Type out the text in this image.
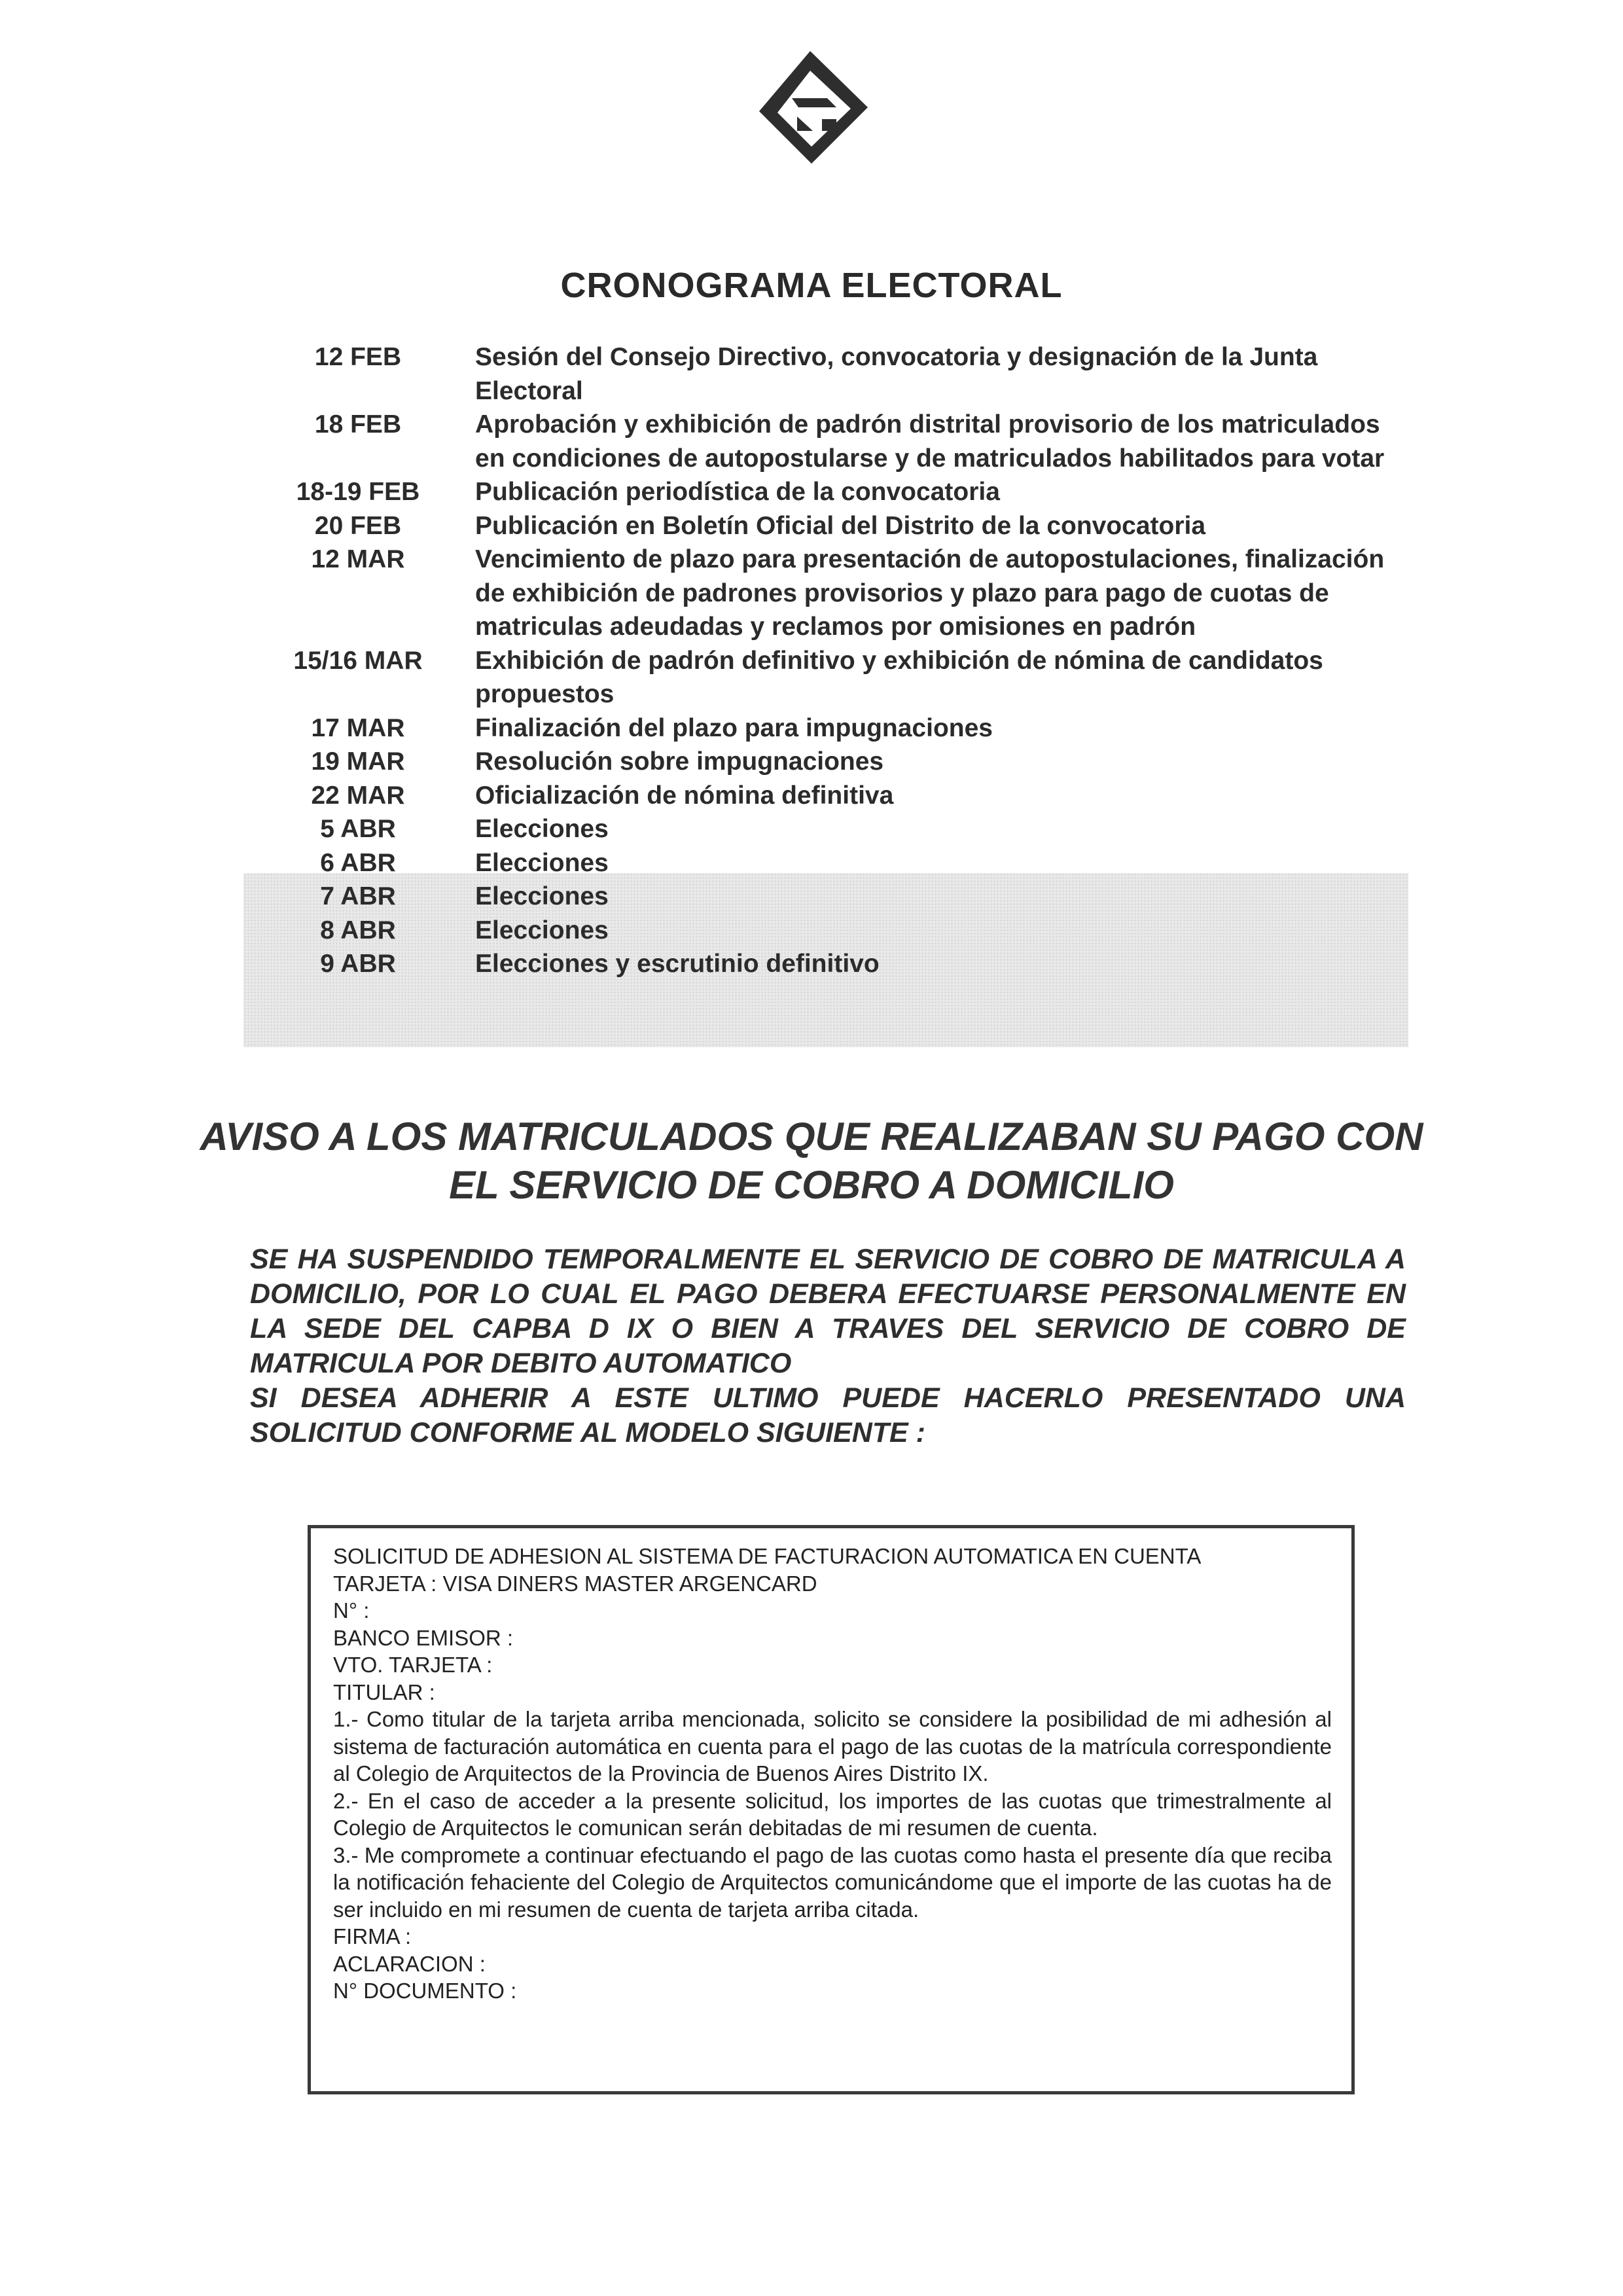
CRONOGRAMA ELECTORAL
12 FEB	Sesión del Consejo Directivo, convocatoria y designación de la Junta Electoral
18 FEB	Aprobación y exhibición de padrón distrital provisorio de los matriculados en condiciones de autopostularse y de matriculados habilitados para votar
18-19 FEB	Publicación periodística de la convocatoria
20 FEB	Publicación en Boletín Oficial del Distrito de la convocatoria
12 MAR	Vencimiento de plazo para presentación de autopostulaciones, finalización de exhibición de padrones provisorios y plazo para pago de cuotas de matriculas adeudadas y reclamos por omisiones en padrón
15/16 MAR	Exhibición de padrón definitivo y exhibición de nómina de candidatos propuestos
17 MAR	Finalización del plazo para impugnaciones
19 MAR	Resolución sobre impugnaciones
22 MAR	Oficialización de nómina definitiva
5 ABR	Elecciones
6 ABR	Elecciones
7 ABR	Elecciones
8 ABR	Elecciones
9 ABR	Elecciones y escrutinio definitivo
AVISO A LOS MATRICULADOS QUE REALIZABAN SU PAGO CON EL SERVICIO DE COBRO A DOMICILIO

SE HA SUSPENDIDO TEMPORALMENTE EL SERVICIO DE COBRO DE MATRICULA A DOMICILIO, POR LO CUAL EL PAGO DEBERA EFECTUARSE PERSONALMENTE EN LA SEDE DEL CAPBA D IX O BIEN A TRAVES DEL SERVICIO DE COBRO DE MATRICULA POR DEBITO AUTOMATICO

SI DESEA ADHERIR A ESTE ULTIMO PUEDE HACERLO PRESENTADO UNA SOLICITUD CONFORME AL MODELO SIGUIENTE :

SOLICITUD DE ADHESION AL SISTEMA DE FACTURACION AUTOMATICA EN CUENTA

TARJETA : VISA DINERS MASTER ARGENCARD

N° :

BANCO EMISOR :

VTO. TARJETA :

TITULAR :

1.- Como titular de la tarjeta arriba mencionada, solicito se considere la posibilidad de mi adhesión al sistema de facturación automática en cuenta para el pago de las cuotas de la matrícula correspondiente al Colegio de Arquitectos de la Provincia de Buenos Aires Distrito IX.

2.- En el caso de acceder a la presente solicitud, los importes de las cuotas que trimestralmente al Colegio de Arquitectos le comunican serán debitadas de mi resumen de cuenta.

3.- Me compromete a continuar efectuando el pago de las cuotas como hasta el presente día que reciba la notificación fehaciente del Colegio de Arquitectos comunicándome que el importe de las cuotas ha de ser incluido en mi resumen de cuenta de tarjeta arriba citada.

FIRMA :

ACLARACION :

N° DOCUMENTO :
